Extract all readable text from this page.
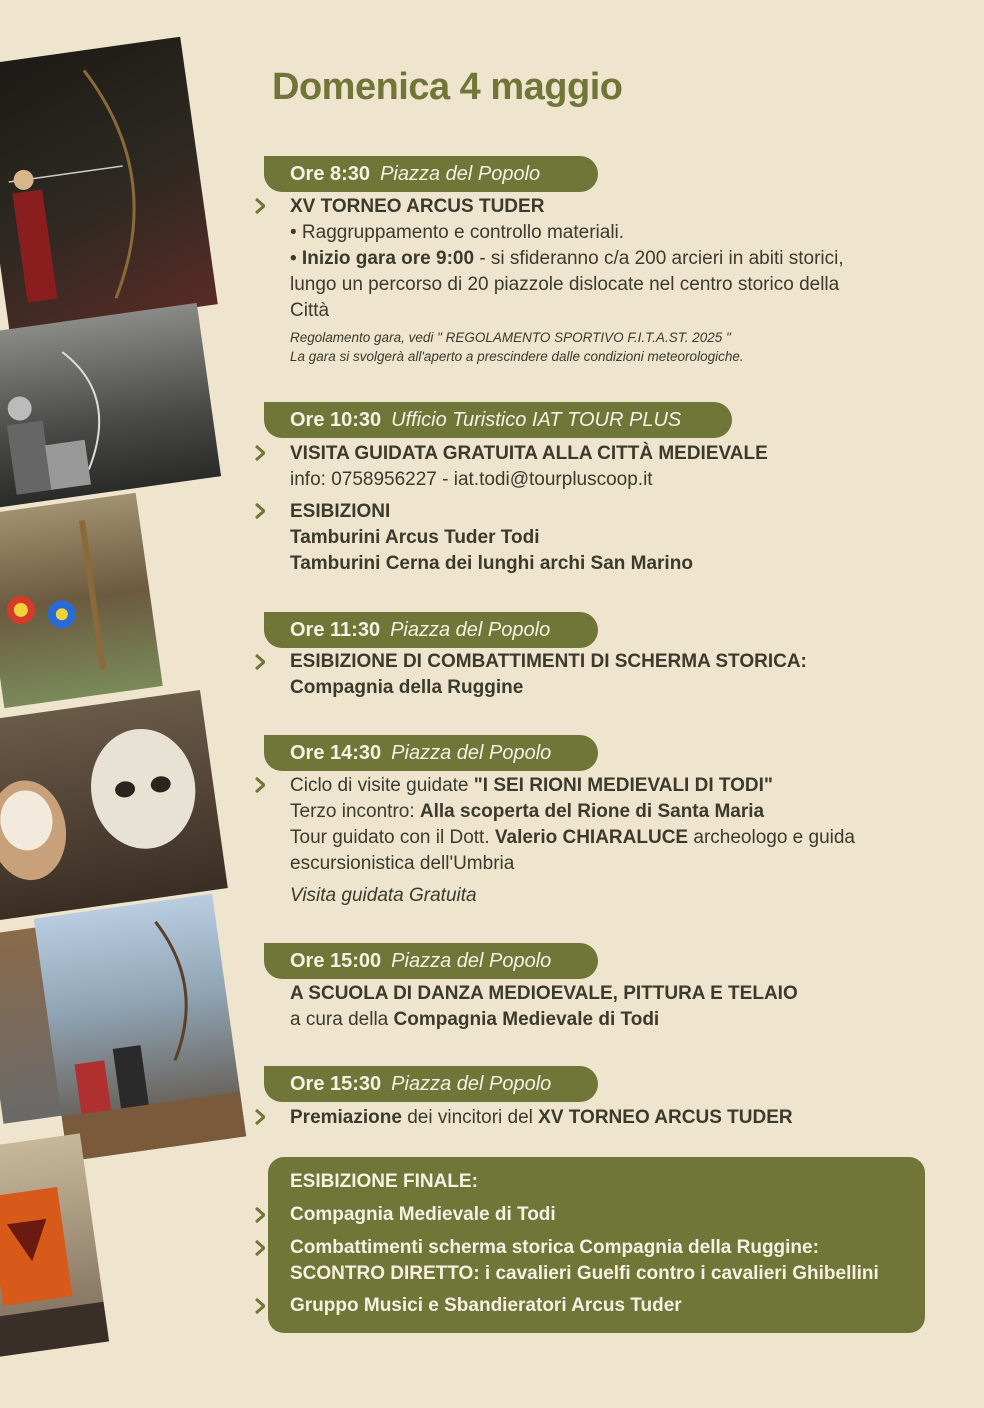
Domenica 4 maggio
Ore 8:30 Piazza del Popolo
XV TORNEO ARCUS TUDER
• Raggruppamento e controllo materiali.
• Inizio gara ore 9:00 - si sfideranno c/a 200 arcieri in abiti storici,
lungo un percorso di 20 piazzole dislocate nel centro storico della
Città
Regolamento gara, vedi " REGOLAMENTO SPORTIVO F.I.T.A.ST. 2025 "
La gara si svolgerà all'aperto a prescindere dalle condizioni meteorologiche.
Ore 10:30 Ufficio Turistico IAT TOUR PLUS
VISITA GUIDATA GRATUITA ALLA CITTÀ MEDIEVALE
info: 0758956227 - iat.todi@tourpluscoop.it
ESIBIZIONI
Tamburini Arcus Tuder Todi
Tamburini Cerna dei lunghi archi San Marino
Ore 11:30 Piazza del Popolo
ESIBIZIONE DI COMBATTIMENTI DI SCHERMA STORICA:
Compagnia della Ruggine
Ore 14:30 Piazza del Popolo
Ciclo di visite guidate "I SEI RIONI MEDIEVALI DI TODI"
Terzo incontro: Alla scoperta del Rione di Santa Maria
Tour guidato con il Dott. Valerio CHIARALUCE archeologo e guida
escursionistica dell'Umbria
Visita guidata Gratuita
Ore 15:00 Piazza del Popolo
A SCUOLA DI DANZA MEDIOEVALE, PITTURA E TELAIO
a cura della Compagnia Medievale di Todi
Ore 15:30 Piazza del Popolo
Premiazione dei vincitori del XV TORNEO ARCUS TUDER
ESIBIZIONE FINALE:
Compagnia Medievale di Todi
Combattimenti scherma storica Compagnia della Ruggine:
SCONTRO DIRETTO: i cavalieri Guelfi contro i cavalieri Ghibellini
Gruppo Musici e Sbandieratori Arcus Tuder
